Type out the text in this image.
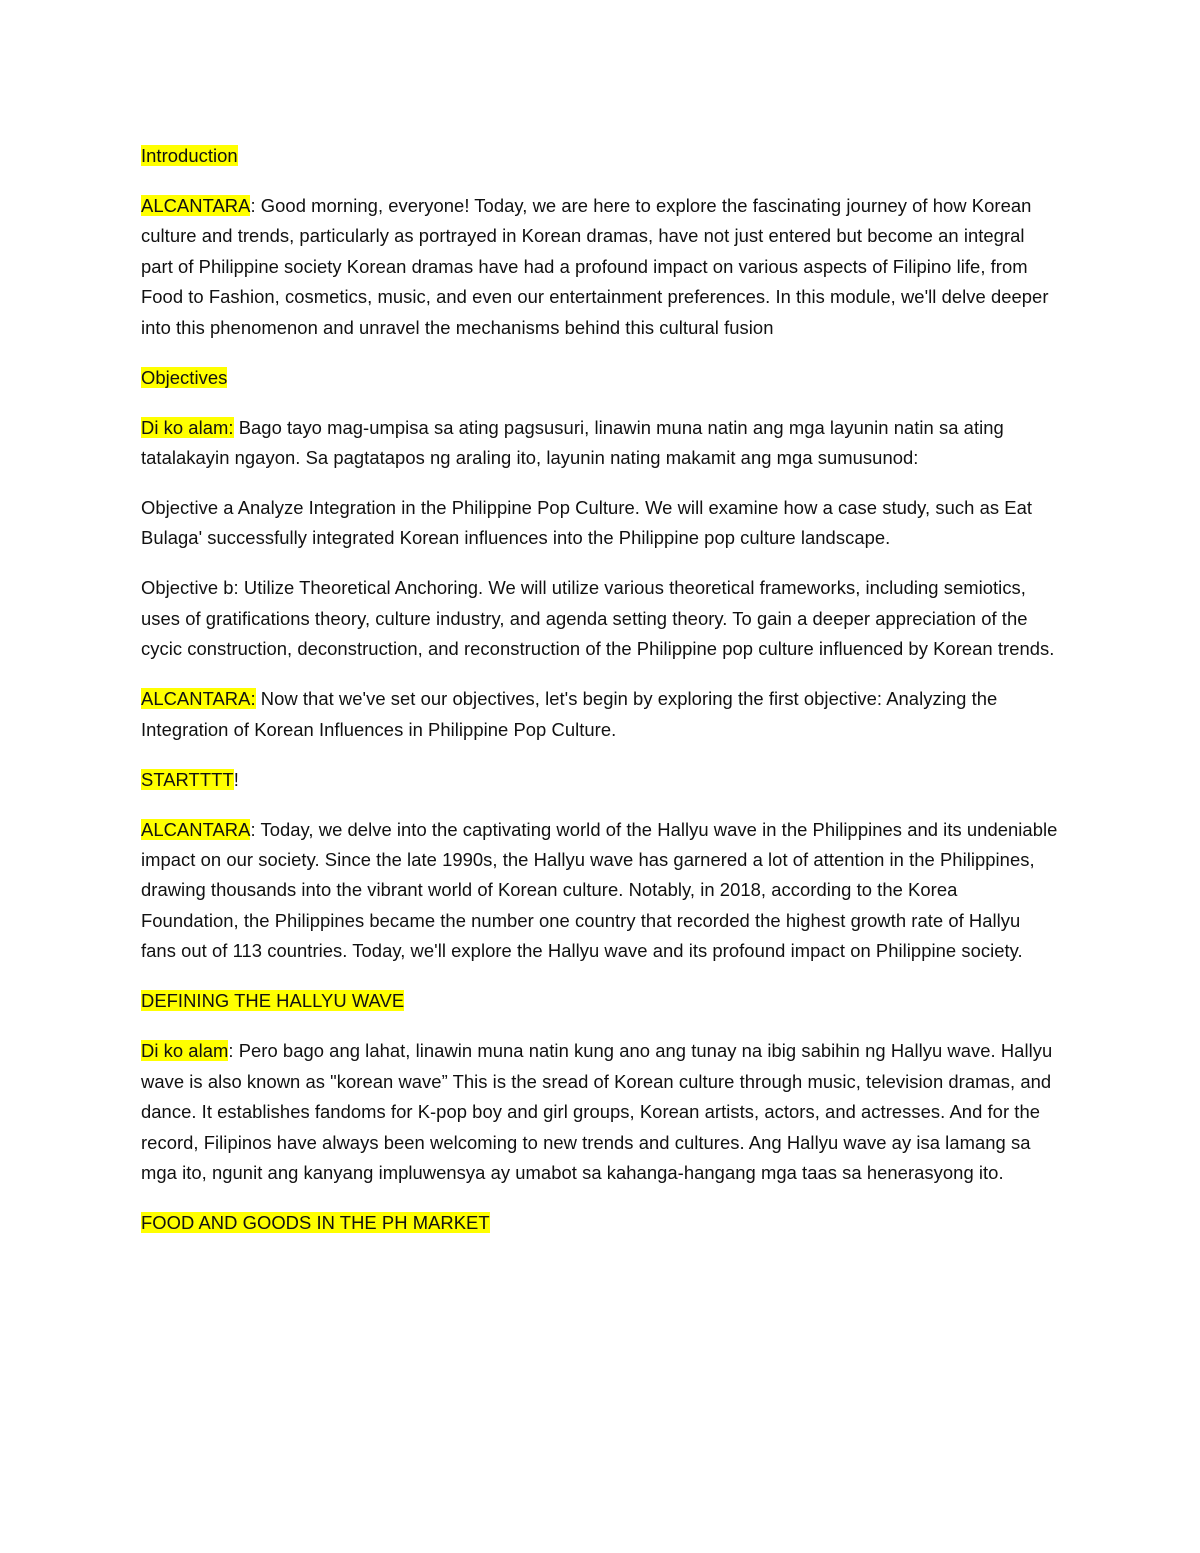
Introduction

ALCANTARA: Good morning, everyone! Today, we are here to explore the fascinating journey of how Korean culture and trends, particularly as portrayed in Korean dramas, have not just entered but become an integral part of Philippine society Korean dramas have had a profound impact on various aspects of Filipino life, from Food to Fashion, cosmetics, music, and even our entertainment preferences. In this module, we'll delve deeper into this phenomenon and unravel the mechanisms behind this cultural fusion

Objectives

Di ko alam: Bago tayo mag-umpisa sa ating pagsusuri, linawin muna natin ang mga layunin natin sa ating tatalakayin ngayon. Sa pagtatapos ng araling ito, layunin nating makamit ang mga sumusunod:

Objective a Analyze Integration in the Philippine Pop Culture. We will examine how a case study, such as Eat Bulaga' successfully integrated Korean influences into the Philippine pop culture landscape.

Objective b: Utilize Theoretical Anchoring. We will utilize various theoretical frameworks, including semiotics, uses of gratifications theory, culture industry, and agenda setting theory. To gain a deeper appreciation of the cycic construction, deconstruction, and reconstruction of the Philippine pop culture influenced by Korean trends.

ALCANTARA: Now that we've set our objectives, let's begin by exploring the first objective: Analyzing the Integration of Korean Influences in Philippine Pop Culture.

STARTTTT!

ALCANTARA: Today, we delve into the captivating world of the Hallyu wave in the Philippines and its undeniable impact on our society. Since the late 1990s, the Hallyu wave has garnered a lot of attention in the Philippines, drawing thousands into the vibrant world of Korean culture. Notably, in 2018, according to the Korea Foundation, the Philippines became the number one country that recorded the highest growth rate of Hallyu fans out of 113 countries. Today, we'll explore the Hallyu wave and its profound impact on Philippine society.

DEFINING THE HALLYU WAVE

Di ko alam: Pero bago ang lahat, linawin muna natin kung ano ang tunay na ibig sabihin ng Hallyu wave. Hallyu wave is also known as "korean wave” This is the sread of Korean culture through music, television dramas, and dance. It establishes fandoms for K-pop boy and girl groups, Korean artists, actors, and actresses. And for the record, Filipinos have always been welcoming to new trends and cultures. Ang Hallyu wave ay isa lamang sa mga ito, ngunit ang kanyang impluwensya ay umabot sa kahanga-hangang mga taas sa henerasyong ito.

FOOD AND GOODS IN THE PH MARKET
